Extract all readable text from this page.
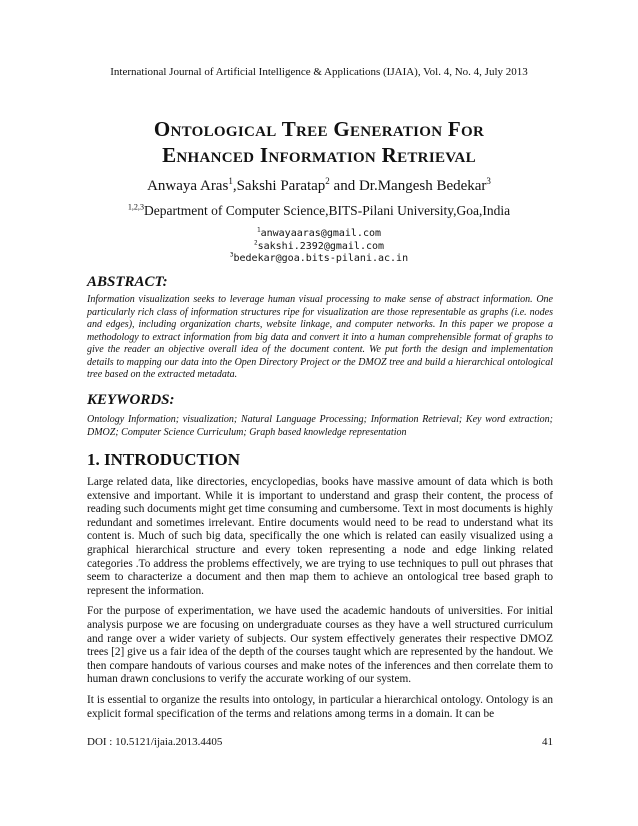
International Journal of Artificial Intelligence & Applications (IJAIA), Vol. 4, No. 4, July 2013
Ontological Tree Generation For
Enhanced Information Retrieval
Anwaya Aras$^1$,Sakshi Paratap$^2$ and Dr.Mangesh Bedekar$^3$
$^{1,2,3}$Department of Computer Science,BITS-Pilani University,Goa,India
$^1$anwayaaras@gmail.com
$^2$sakshi.2392@gmail.com
$^3$bedekar@goa.bits-pilani.ac.in
ABSTRACT:
Information visualization seeks to leverage human visual processing to make sense of abstract information. One particularly rich class of information structures ripe for visualization are those representable as graphs (i.e. nodes and edges), including organization charts, website linkage, and computer networks. In this paper we propose a methodology to extract information from big data and convert it into a human comprehensible format of graphs to give the reader an objective overall idea of the document content. We put forth the design and implementation details to mapping our data into the Open Directory Project or the DMOZ tree and build a hierarchical ontological tree based on the extracted metadata.
KEYWORDS:
Ontology Information; visualization; Natural Language Processing; Information Retrieval; Key word extraction; DMOZ; Computer Science Curriculum; Graph based knowledge representation
1. INTRODUCTION

Large related data, like directories, encyclopedias, books have massive amount of data which is both extensive and important. While it is important to understand and grasp their content, the process of reading such documents might get time consuming and cumbersome. Text in most documents is highly redundant and sometimes irrelevant. Entire documents would need to be read to understand what its content is. Much of such big data, specifically the one which is related can easily visualized using a graphical hierarchical structure and every token representing a node and edge linking related categories .To address the problems effectively, we are trying to use techniques to pull out phrases that seem to characterize a document and then map them to achieve an ontological tree based graph to represent the information.

For the purpose of experimentation, we have used the academic handouts of universities. For initial analysis purpose we are focusing on undergraduate courses as they have a well structured curriculum and range over a wider variety of subjects. Our system effectively generates their respective DMOZ trees [2] give us a fair idea of the depth of the courses taught which are represented by the handout. We then compare handouts of various courses and make notes of the inferences and then correlate them to human drawn conclusions to verify the accurate working of our system.

It is essential to organize the results into ontology, in particular a hierarchical ontology. Ontology is an explicit formal specification of the terms and relations among terms in a domain. It can be

DOI : 10.5121/ijaia.2013.4405	41
